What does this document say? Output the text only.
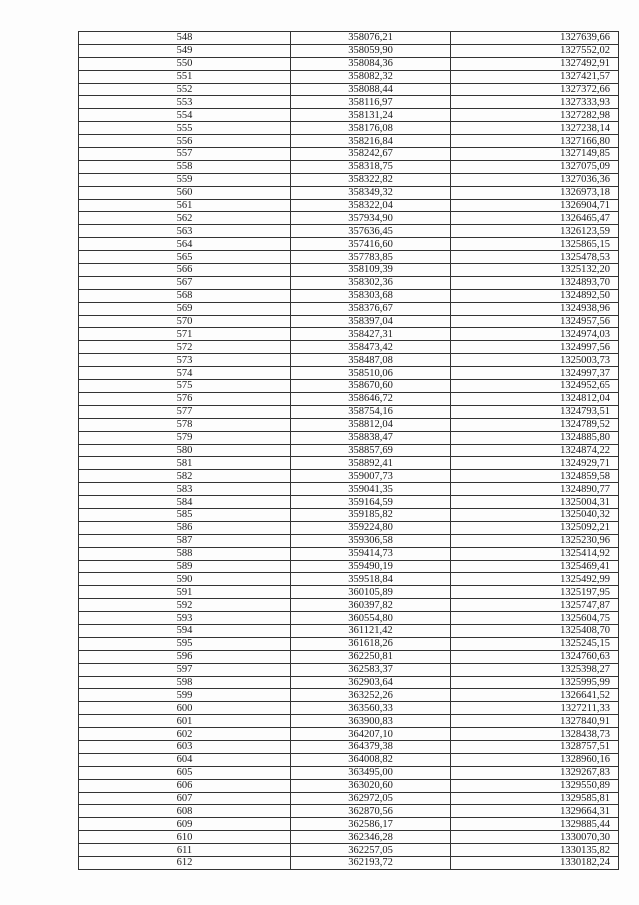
548	358076,21	1327639,66
549	358059,90	1327552,02
550	358084,36	1327492,91
551	358082,32	1327421,57
552	358088,44	1327372,66
553	358116,97	1327333,93
554	358131,24	1327282,98
555	358176,08	1327238,14
556	358216,84	1327166,80
557	358242,67	1327149,85
558	358318,75	1327075,09
559	358322,82	1327036,36
560	358349,32	1326973,18
561	358322,04	1326904,71
562	357934,90	1326465,47
563	357636,45	1326123,59
564	357416,60	1325865,15
565	357783,85	1325478,53
566	358109,39	1325132,20
567	358302,36	1324893,70
568	358303,68	1324892,50
569	358376,67	1324938,96
570	358397,04	1324957,56
571	358427,31	1324974,03
572	358473,42	1324997,56
573	358487,08	1325003,73
574	358510,06	1324997,37
575	358670,60	1324952,65
576	358646,72	1324812,04
577	358754,16	1324793,51
578	358812,04	1324789,52
579	358838,47	1324885,80
580	358857,69	1324874,22
581	358892,41	1324929,71
582	359007,73	1324859,58
583	359041,35	1324890,77
584	359164,59	1325004,31
585	359185,82	1325040,32
586	359224,80	1325092,21
587	359306,58	1325230,96
588	359414,73	1325414,92
589	359490,19	1325469,41
590	359518,84	1325492,99
591	360105,89	1325197,95
592	360397,82	1325747,87
593	360554,80	1325604,75
594	361121,42	1325408,70
595	361618,26	1325245,15
596	362250,81	1324760,63
597	362583,37	1325398,27
598	362903,64	1325995,99
599	363252,26	1326641,52
600	363560,33	1327211,33
601	363900,83	1327840,91
602	364207,10	1328438,73
603	364379,38	1328757,51
604	364008,82	1328960,16
605	363495,00	1329267,83
606	363020,60	1329550,89
607	362972,05	1329585,81
608	362870,56	1329664,31
609	362586,17	1329885,44
610	362346,28	1330070,30
611	362257,05	1330135,82
612	362193,72	1330182,24
